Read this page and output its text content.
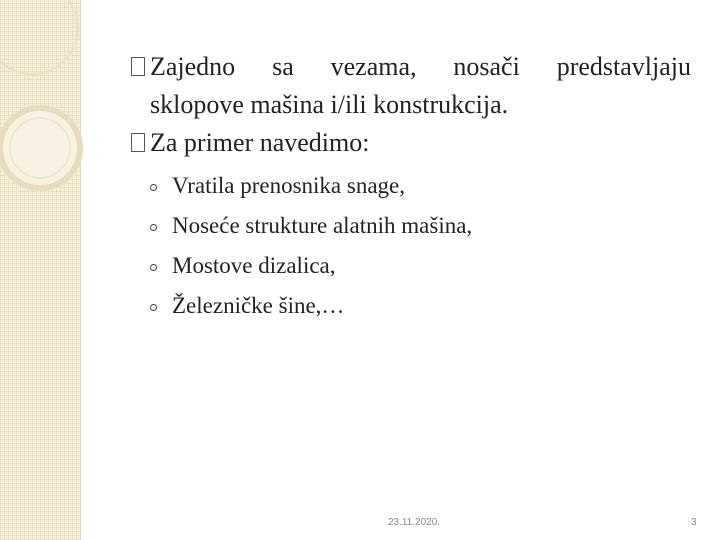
Zajedno sa vezama, nosači predstavljaju
sklopove mašina i/ili konstrukcija.
Za primer navedimo:
Vratila prenosnika snage,
Noseće strukture alatnih mašina,
Mostove dizalica,
Železničke šine,…
23.11.2020.	3
